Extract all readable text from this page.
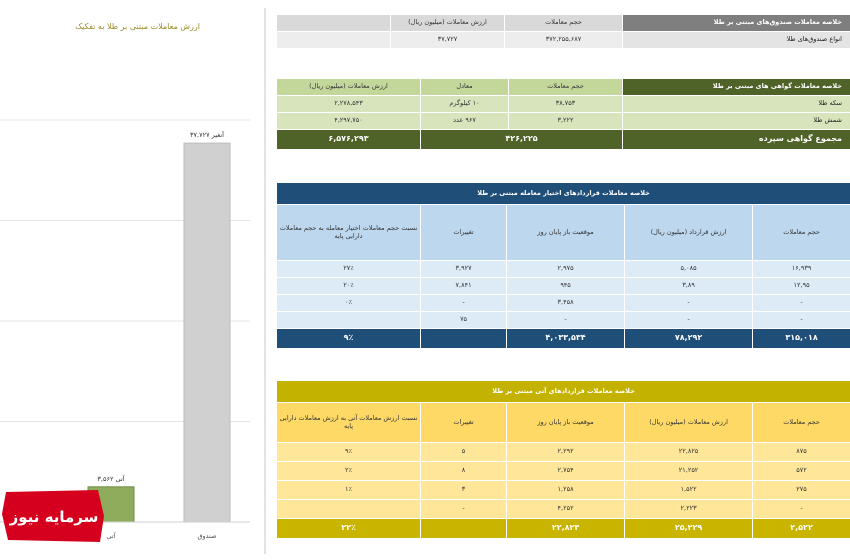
ارزش معاملات مبتنی بر طلا به تفکیک
آنغیر ۳۷,۷۲۷
صندوق
آتی ۳,۵۶۲
آتی
خلاصه معاملات صندوق‌های مبتنی بر طلا	حجم معاملات	ارزش معاملات (میلیون ریال)	
انواع صندوق‌های طلا	۳۷۲,۲۵۵,۶۸۷	۳۷,۷۲۷	
خلاصه معاملات گواهی های مبتنی بر طلا	حجم معاملات	معادل	ارزش معاملات (میلیون ریال)
سکه طلا	۳۸,۷۵۳	۱۰ کیلوگرم	۲,۲۷۸,۵۴۳
شمش طلا	۳,۲۲۲	۹۶۷ عدد	۴,۲۹۷,۷۵۰
مجموع گواهی سپرده	۴۲۶,۲۲۵		۶,۵۷۶,۲۹۳
خلاصه معاملات قراردادهای اختیار معامله مبتنی بر طلا				
حجم معاملات	ارزش قرارداد (میلیون ریال)	موقعیت باز پایان روز	تغییرات	نسبت حجم معاملات اختیار معامله به حجم معاملات دارایی پایه
۱۶,۹۳۹	۵,۰۸۵	۲,۹۷۵	۳,۹۲۷	۲۷٪
۱۲,۹۵	۳,۸۹	۹۴۵	۷,۸۴۱	۲۰٪
-	-	۳,۴۵۸	-	۰٪
-	-	-	۷۵	
۳۱۵,۰۱۸	۷۸,۲۹۲	۴,۰۳۳,۵۳۴		۹٪
خلاصه معاملات قراردادهای آتی مبتنی بر طلا				
حجم معاملات	ارزش معاملات (میلیون ریال)	موقعیت باز پایان روز	تغییرات	نسبت ارزش معاملات آتی به ارزش معاملات دارایی پایه
۸۷۵	۲۲,۸۲۵	۲,۲۹۲	۵	۹٪
۵۷۲	۲۱,۲۵۲	۲,۷۵۴	۸	۲٪
۲۷۵	۱,۵۲۲	۱,۲۵۸	۳	۱٪
-	۲,۲۲۳	۴,۲۵۲	-	
۲,۵۲۲	۲۵,۲۲۹	۲۲,۸۲۳		۲۲٪
سرمایه نیوز
